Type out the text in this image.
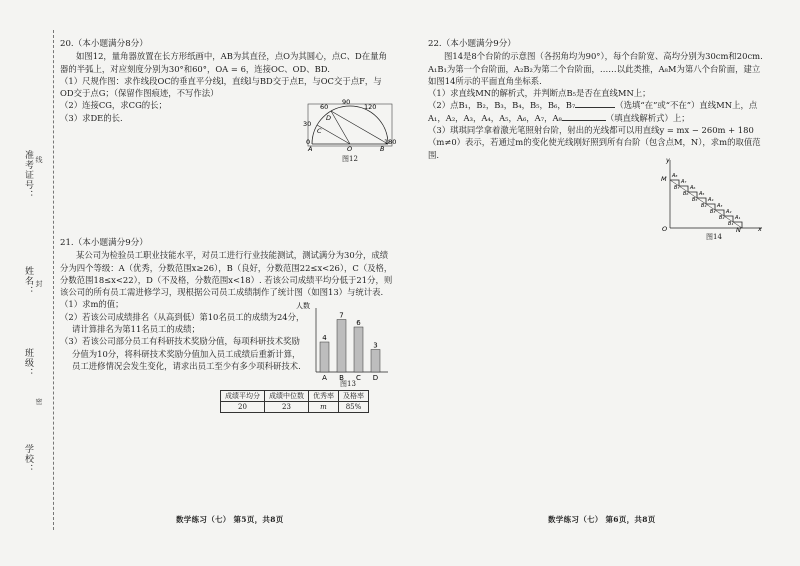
准考证号：
姓名：
班级：
学校：
线
封
密

20.（本小题满分8分）

如图12，量角器放置在长方形纸画中，AB为其直径，点O为其圆心，点C、D在量角器的半弧上，对应刻度分别为30°和60°，OA = 6，连接OC、OD、BD.

（1）尺规作图：求作线段OC的垂直平分线l，直线l与BD交于点E，与OC交于点F，与OD交于点G；（保留作图痕迹，不写作法）

（2）连接CG，求CG的长；

（3）求DE的长.

60
90
120
30
0	180
C
D
A	O	B
图12

21.（本小题满分9分）

某公司为检验员工职业技能水平，对员工进行行业技能测试，测试满分为30分，成绩分为四个等级：A（优秀，分数范围x≥26），B（良好，分数范围22≤x<26），C（及格，分数范围18≤x<22），D（不及格，分数范围x<18）. 若该公司成绩平均分低于21分，则该公司的所有员工需进修学习，现根据公司员工成绩制作了统计图（如图13）与统计表.

（1）求m的值；

（2）若该公司成绩排名（从高到低）第10名员工的成绩为24分，请计算排名为第11名员工的成绩；

（3）若该公司部分员工有科研技术奖励分值，每项科研技术奖励分值为10分，将科研技术奖励分值加入员工成绩后重新计算，员工进修情况会发生变化，请求出员工至少有多少项科研技术.

人数
4
A
7
B
6
C
3
D
图13
成绩平均分	成绩中位数	优秀率	及格率
20	23	m	85%

22.（本小题满分9分）

图14是8个台阶的示意图（各拐角均为90°），每个台阶宽、高均分别为30cm和20cm. A₁B₁为第一个台阶面，A₂B₂为第二个台阶面，……以此类推，A₈M为第八个台阶面，建立如图14所示的平面直角坐标系.

（1）求直线MN的解析式，并判断点B₅是否在直线MN上；

（2）点B₁，B₂，B₃，B₄，B₅，B₆，B₇	（选填“在”或“不在”）直线MN上，点A₁，A₂，A₃，A₄，A₅，A₆，A₇，A₈	（填直线解析式）上；

（3）琪琪同学拿着激光笔照射台阶，射出的光线都可以用直线y = mx − 260m + 180（m≠0）表示，若通过m的变化使光线刚好照到所有台阶（包含点M，N），求m的取值范围.

y
x
M
O	N
A₈
A₇
A₆
A₅
A₄
A₃
A₂
A₁
B₇
B₆
B₅
B₄
B₃
B₂
B₁
图14
数学练习（七） 第5页，共8页	数学练习（七） 第6页，共8页
